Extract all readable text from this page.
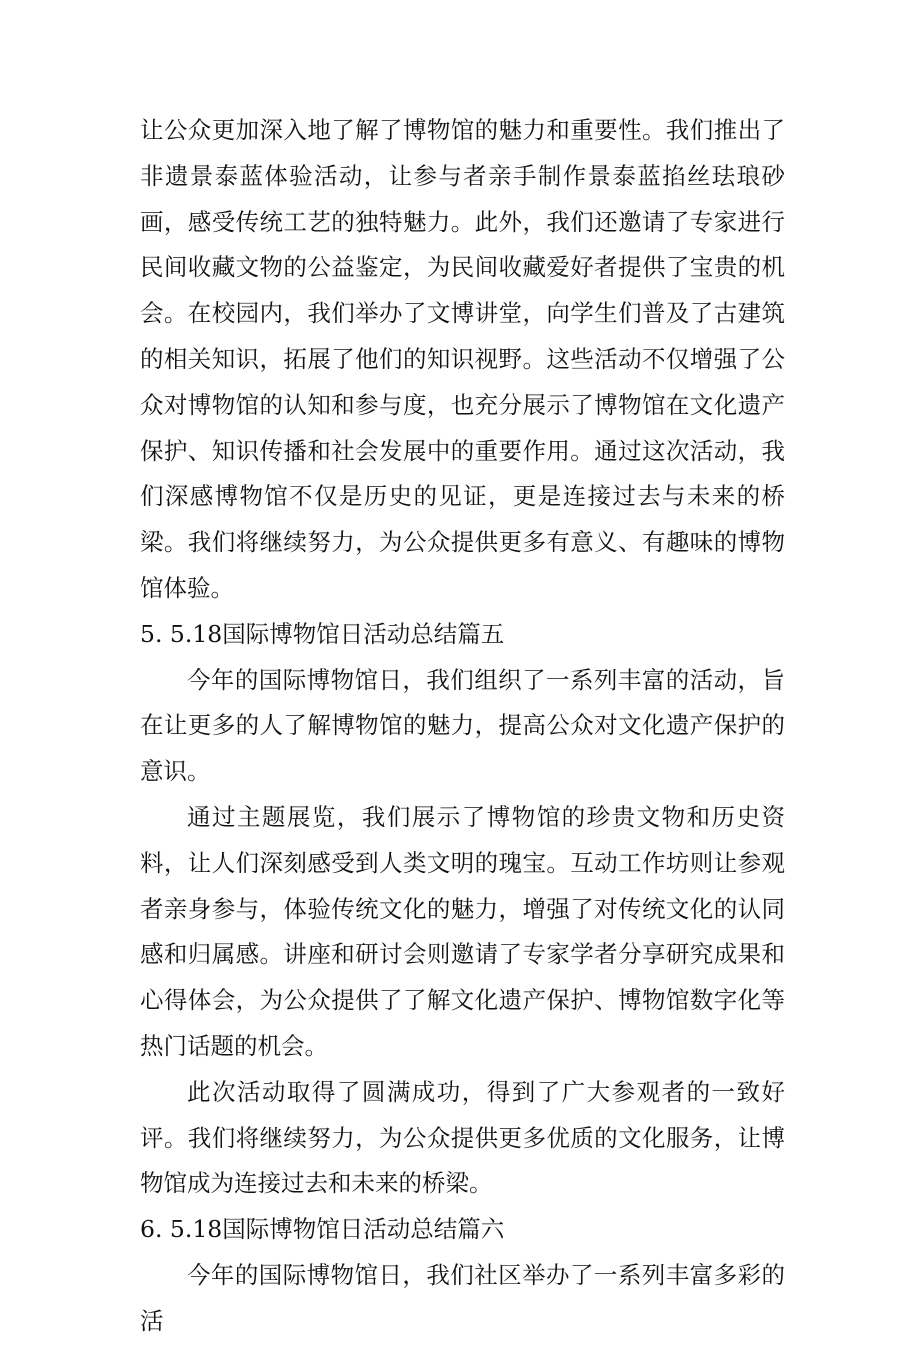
让公众更加深入地了解了博物馆的魅力和重要性。我们推出了非遗景泰蓝体验活动，让参与者亲手制作景泰蓝掐丝珐琅砂画，感受传统工艺的独特魅力。此外，我们还邀请了专家进行民间收藏文物的公益鉴定，为民间收藏爱好者提供了宝贵的机会。在校园内，我们举办了文博讲堂，向学生们普及了古建筑的相关知识，拓展了他们的知识视野。这些活动不仅增强了公众对博物馆的认知和参与度，也充分展示了博物馆在文化遗产保护、知识传播和社会发展中的重要作用。通过这次活动，我们深感博物馆不仅是历史的见证，更是连接过去与未来的桥梁。我们将继续努力，为公众提供更多有意义、有趣味的博物馆体验。

5. 5.18国际博物馆日活动总结篇五

今年的国际博物馆日，我们组织了一系列丰富的活动，旨在让更多的人了解博物馆的魅力，提高公众对文化遗产保护的意识。

通过主题展览，我们展示了博物馆的珍贵文物和历史资料，让人们深刻感受到人类文明的瑰宝。互动工作坊则让参观者亲身参与，体验传统文化的魅力，增强了对传统文化的认同感和归属感。讲座和研讨会则邀请了专家学者分享研究成果和心得体会，为公众提供了了解文化遗产保护、博物馆数字化等热门话题的机会。

此次活动取得了圆满成功，得到了广大参观者的一致好评。我们将继续努力，为公众提供更多优质的文化服务，让博物馆成为连接过去和未来的桥梁。

6. 5.18国际博物馆日活动总结篇六

今年的国际博物馆日，我们社区举办了一系列丰富多彩的活
